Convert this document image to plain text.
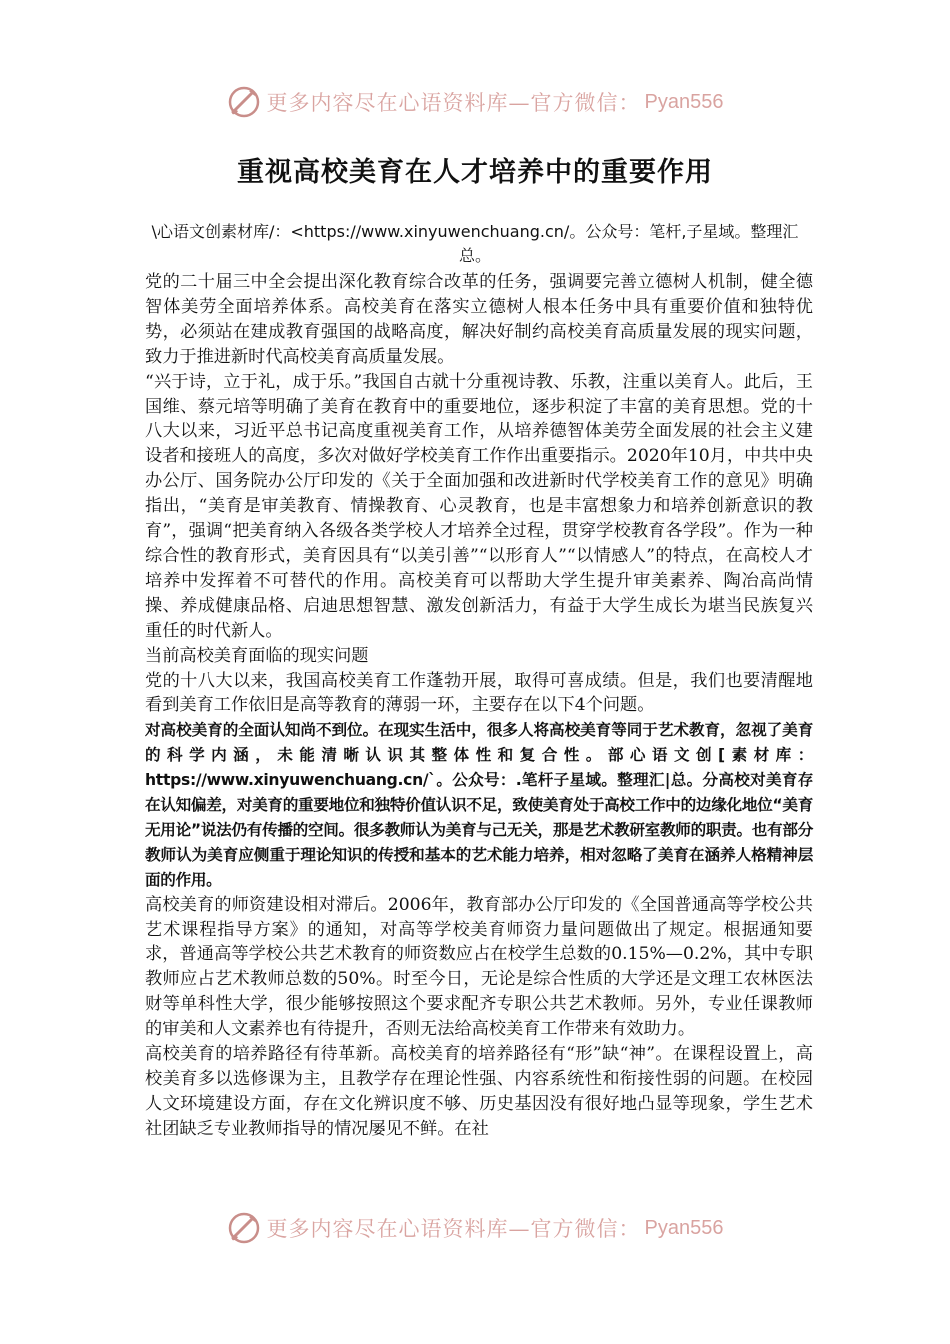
更多内容尽在心语资料库—官方微信： Pyan556
重视高校美育在人才培养中的重要作用
\心语文创素材库/：<https://www.xinyuwenchuang.cn/。公众号：笔杆,子星域。整理汇总。

党的二十届三中全会提出深化教育综合改革的任务，强调要完善立德树人机制，健全德智体美劳全面培养体系。高校美育在落实立德树人根本任务中具有重要价值和独特优势，必须站在建成教育强国的战略高度，解决好制约高校美育高质量发展的现实问题，致力于推进新时代高校美育高质量发展。

“兴于诗，立于礼，成于乐。”我国自古就十分重视诗教、乐教，注重以美育人。此后，王国维、蔡元培等明确了美育在教育中的重要地位，逐步积淀了丰富的美育思想。党的十八大以来，习近平总书记高度重视美育工作，从培养德智体美劳全面发展的社会主义建设者和接班人的高度，多次对做好学校美育工作作出重要指示。2020年10月，中共中央办公厅、国务院办公厅印发的《关于全面加强和改进新时代学校美育工作的意见》明确指出，“美育是审美教育、情操教育、心灵教育，也是丰富想象力和培养创新意识的教育”，强调“把美育纳入各级各类学校人才培养全过程，贯穿学校教育各学段”。作为一种综合性的教育形式，美育因具有“以美引善”“以形育人”“以情感人”的特点，在高校人才培养中发挥着不可替代的作用。高校美育可以帮助大学生提升审美素养、陶冶高尚情操、养成健康品格、启迪思想智慧、激发创新活力，有益于大学生成长为堪当民族复兴重任的时代新人。

当前高校美育面临的现实问题

党的十八大以来，我国高校美育工作蓬勃开展，取得可喜成绩。但是，我们也要清醒地看到美育工作依旧是高等教育的薄弱一环，主要存在以下4个问题。

对高校美育的全面认知尚不到位。在现实生活中，很多人将高校美育等同于艺术教育，忽视了美育的科学内涵，未能清晰认识其整体性和复合性。部心语文创[素材库：https://www.xinyuwenchuang.cn/`。公众号：.笔杆子星域。整理汇|总。分高校对美育存在认知偏差，对美育的重要地位和独特价值认识不足，致使美育处于高校工作中的边缘化地位“美育无用论”说法仍有传播的空间。很多教师认为美育与己无关，那是艺术教研室教师的职责。也有部分教师认为美育应侧重于理论知识的传授和基本的艺术能力培养，相对忽略了美育在涵养人格精神层面的作用。

高校美育的师资建设相对滞后。2006年，教育部办公厅印发的《全国普通高等学校公共艺术课程指导方案》的通知，对高等学校美育师资力量问题做出了规定。根据通知要求，普通高等学校公共艺术教育的师资数应占在校学生总数的0.15%—0.2%，其中专职教师应占艺术教师总数的50%。时至今日，无论是综合性质的大学还是文理工农林医法财等单科性大学，很少能够按照这个要求配齐专职公共艺术教师。另外，专业任课教师的审美和人文素养也有待提升，否则无法给高校美育工作带来有效助力。

高校美育的培养路径有待革新。高校美育的培养路径有“形”缺“神”。在课程设置上，高校美育多以选修课为主，且教学存在理论性强、内容系统性和衔接性弱的问题。在校园人文环境建设方面，存在文化辨识度不够、历史基因没有很好地凸显等现象，学生艺术社团缺乏专业教师指导的情况屡见不鲜。在社

更多内容尽在心语资料库—官方微信： Pyan556
